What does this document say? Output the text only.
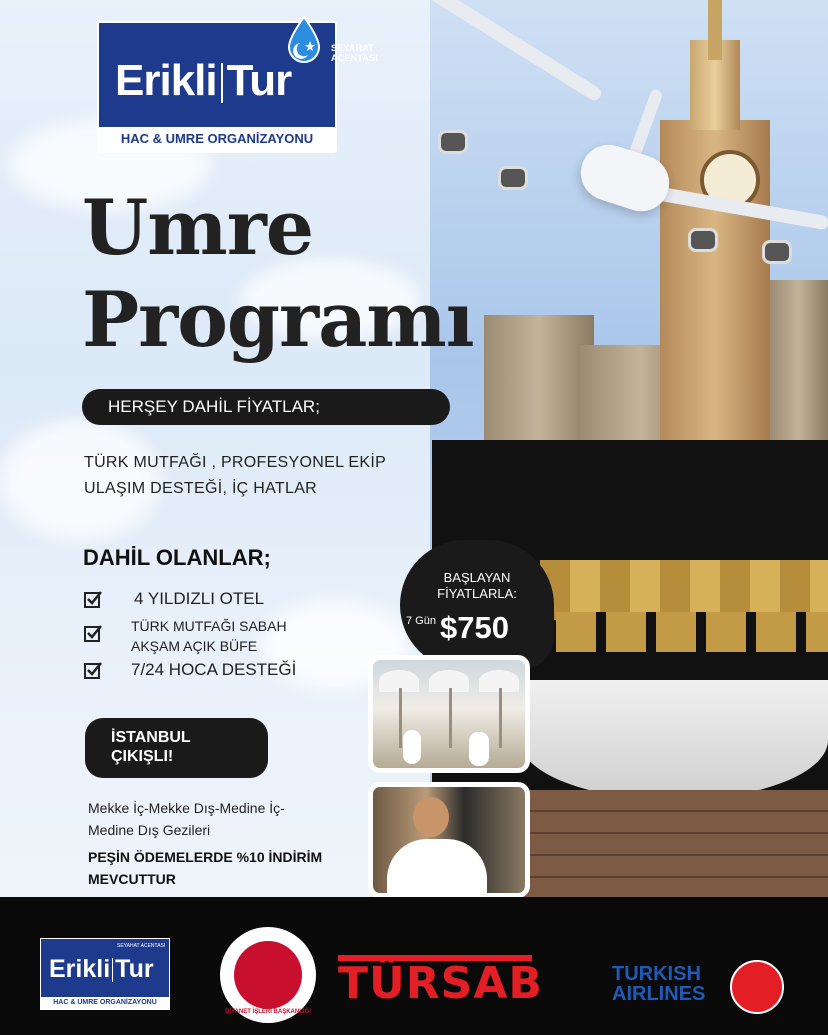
SEYAHAT ACENTASI
Erikli Tur
HAC & UMRE ORGANİZAYONU
Umre
Programı
HERŞEY DAHİL FİYATLAR;
TÜRK MUTFAĞI , PROFESYONEL EKİP
ULAŞIM DESTEĞİ, İÇ HATLAR
DAHİL OLANLAR;
4 YILDIZLI OTEL
TÜRK MUTFAĞI SABAH
AKŞAM AÇIK BÜFE
7/24 HOCA DESTEĞİ
İSTANBUL
ÇIKIŞLI!
Mekke İç-Mekke Dış-Medine İç-
Medine Dış Gezileri
PEŞİN ÖDEMELERDE %10 İNDİRİM
MEVCUTTUR
BAŞLAYAN
FİYATLARLA:
7 Gün $750
SEYAHAT ACENTASI
Erikli Tur
HAC & UMRE ORGANİZAYONU
DİYANET İŞLERİ BAŞKANLIĞI
TÜRSAB	TURKISH
AIRLINES
